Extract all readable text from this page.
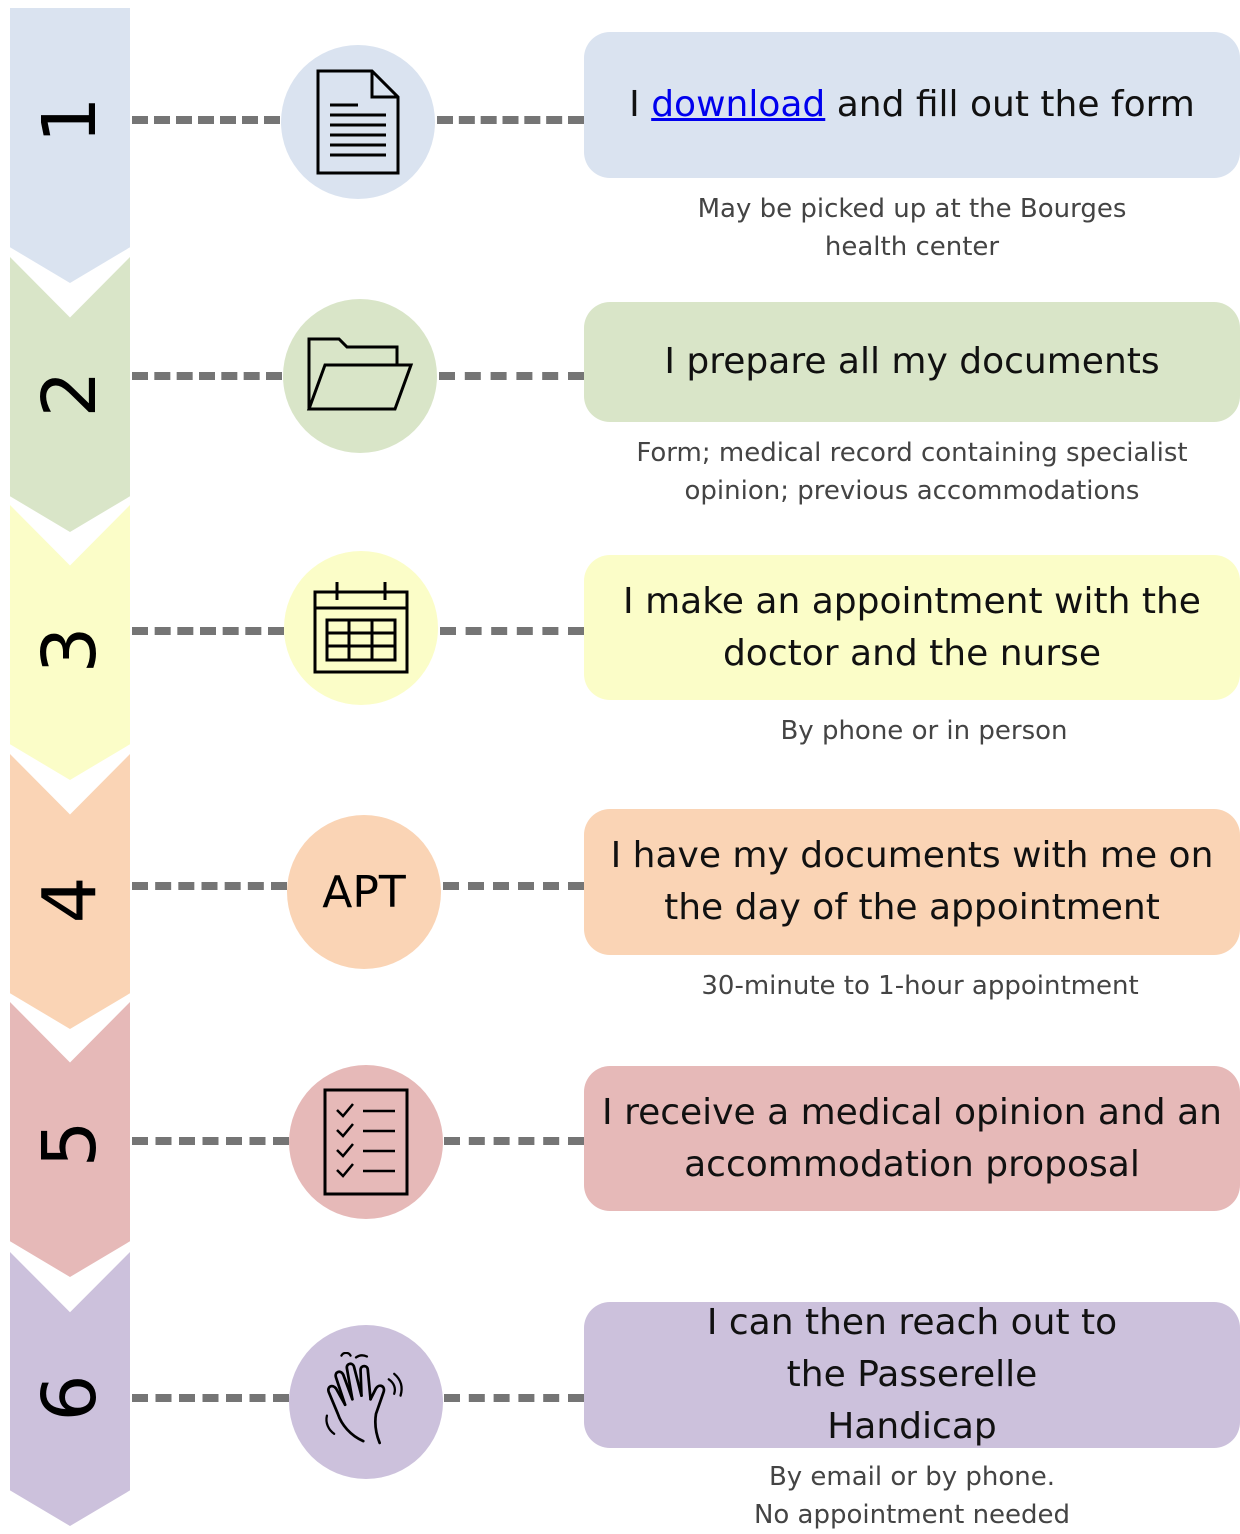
1	I download and fill out the form
May be picked up at the Bourges health center
2
I prepare all my documents
Form; medical record containing specialist opinion; previous accommodations
3
I make an appointment with the doctor and the nurse
By phone or in person
4	APT
I have my documents with me on the day of the appointment
30-minute to 1-hour appointment
5
I receive a medical opinion and an accommodation proposal
6
I can then reach out to the Passerelle Handicap
By email or by phone.
No appointment needed
